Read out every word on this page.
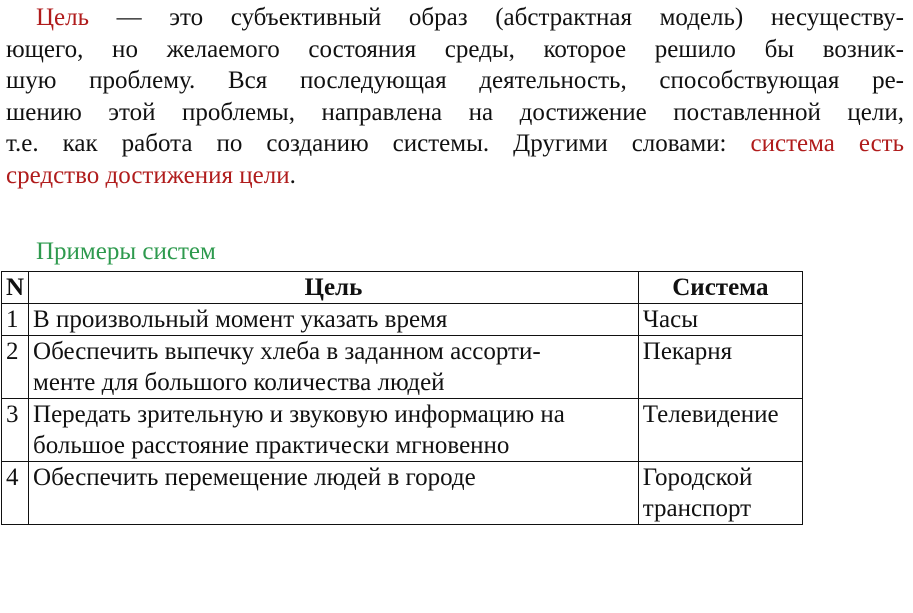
Цель — это субъективный образ (абстрактная модель) несуществу-
ющего, но желаемого состояния среды, которое решило бы возник-
шую проблему. Вся последующая деятельность, способствующая ре-
шению этой проблемы, направлена на достижение поставленной цели,
т.е. как работа по созданию системы. Другими словами: система есть
средство достижения цели.
Примеры систем
N	Цель	Система
1	В произвольный момент указать время	Часы

2	Обеспечить выпечку хлеба в заданном ассорти-
менте для большого количества людей	Пекарня

3	Передать зрительную и звуковую информацию на
большое расстояние практически мгновенно	Телевидение

4	Обеспечить перемещение людей в городе	Городской
транспорт
